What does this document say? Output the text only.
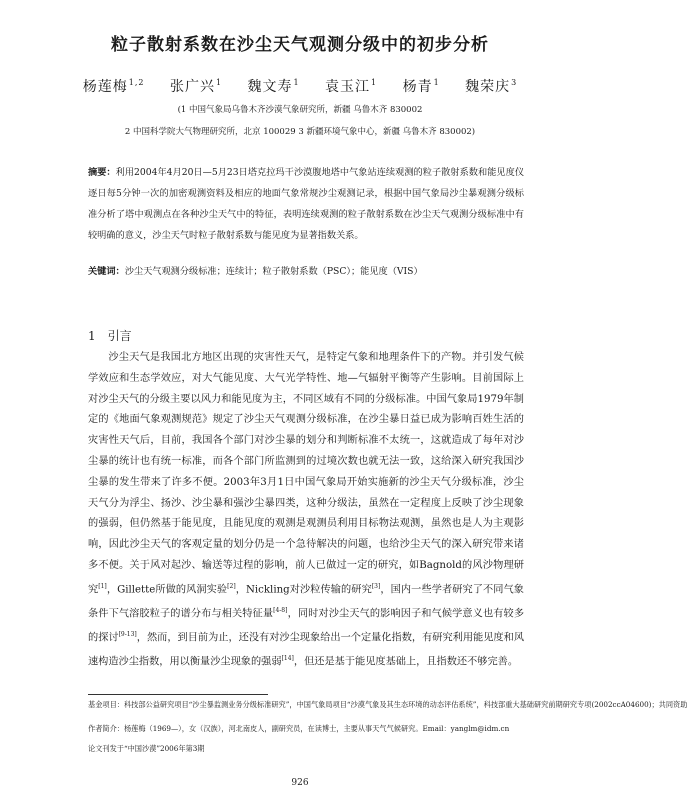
粒子散射系数在沙尘天气观测分级中的初步分析
杨莲梅$^{1,2}$ 张广兴$^1$ 魏文寿$^1$ 袁玉江$^1$ 杨青$^1$ 魏荣庆$^3$
(1 中国气象局乌鲁木齐沙漠气象研究所，新疆 乌鲁木齐 830002
2 中国科学院大气物理研究所，北京 100029 3 新疆环境气象中心，新疆 乌鲁木齐 830002)
摘要：利用2004年4月20日—5月23日塔克拉玛干沙漠腹地塔中气象站连续观测的粒子散射系数和能见度仪逐日每5分钟一次的加密观测资料及相应的地面气象常规沙尘观测记录，根据中国气象局沙尘暴观测分级标准分析了塔中观测点在各种沙尘天气中的特征，表明连续观测的粒子散射系数在沙尘天气观测分级标准中有较明确的意义，沙尘天气时粒子散射系数与能见度为显著指数关系。
关键词：沙尘天气观测分级标准；连续计；粒子散射系数（PSC）；能见度（VIS）
1 引言

沙尘天气是我国北方地区出现的灾害性天气，是特定气象和地理条件下的产物。并引发气候学效应和生态学效应，对大气能见度、大气光学特性、地—气辐射平衡等产生影响。目前国际上对沙尘天气的分级主要以风力和能见度为主，不同区域有不同的分级标准。中国气象局1979年制定的《地面气象观测规范》规定了沙尘天气观测分级标准，在沙尘暴日益已成为影响百姓生活的灾害性天气后，目前，我国各个部门对沙尘暴的划分和判断标准不太统一，这就造成了每年对沙尘暴的统计也有统一标准，而各个部门所监测到的过境次数也就无法一致，这给深入研究我国沙尘暴的发生带来了许多不便。2003年3月1日中国气象局开始实施新的沙尘天气分级标准，沙尘天气分为浮尘、扬沙、沙尘暴和强沙尘暴四类，这种分级法，虽然在一定程度上反映了沙尘现象的强弱，但仍然基于能见度，且能见度的观测是观测员利用目标物法观测，虽然也是人为主观影响，因此沙尘天气的客观定量的划分仍是一个急待解决的问题，也给沙尘天气的深入研究带来诸多不便。关于风对起沙、输送等过程的影响，前人已做过一定的研究，如Bagnold的风沙物理研究[1]，Gillette所做的风洞实验[2]，Nickling对沙粒传输的研究[3]，国内一些学者研究了不同气象条件下气溶胶粒子的谱分布与相关特征量[4-8]，同时对沙尘天气的影响因子和气候学意义也有较多的探讨[9-13]，然而，到目前为止，还没有对沙尘现象给出一个定量化指数，有研究利用能见度和风速构造沙尘指数，用以衡量沙尘现象的强弱[14]，但还是基于能见度基础上，且指数还不够完善。

基金项目：科技部公益研究项目“沙尘暴监测业务分级标准研究”，中国气象局项目“沙漠气象及其生态环境的动态评估系统”，科技部重大基础研究前期研究专项(2002ccA04600)；共同资助
作者简介：杨莲梅（1969—），女（汉族），河北南皮人，副研究员，在读博士，主要从事天气气候研究。Email：yanglm@idm.cn
论文刊发于“中国沙漠”2006年第3期
926
